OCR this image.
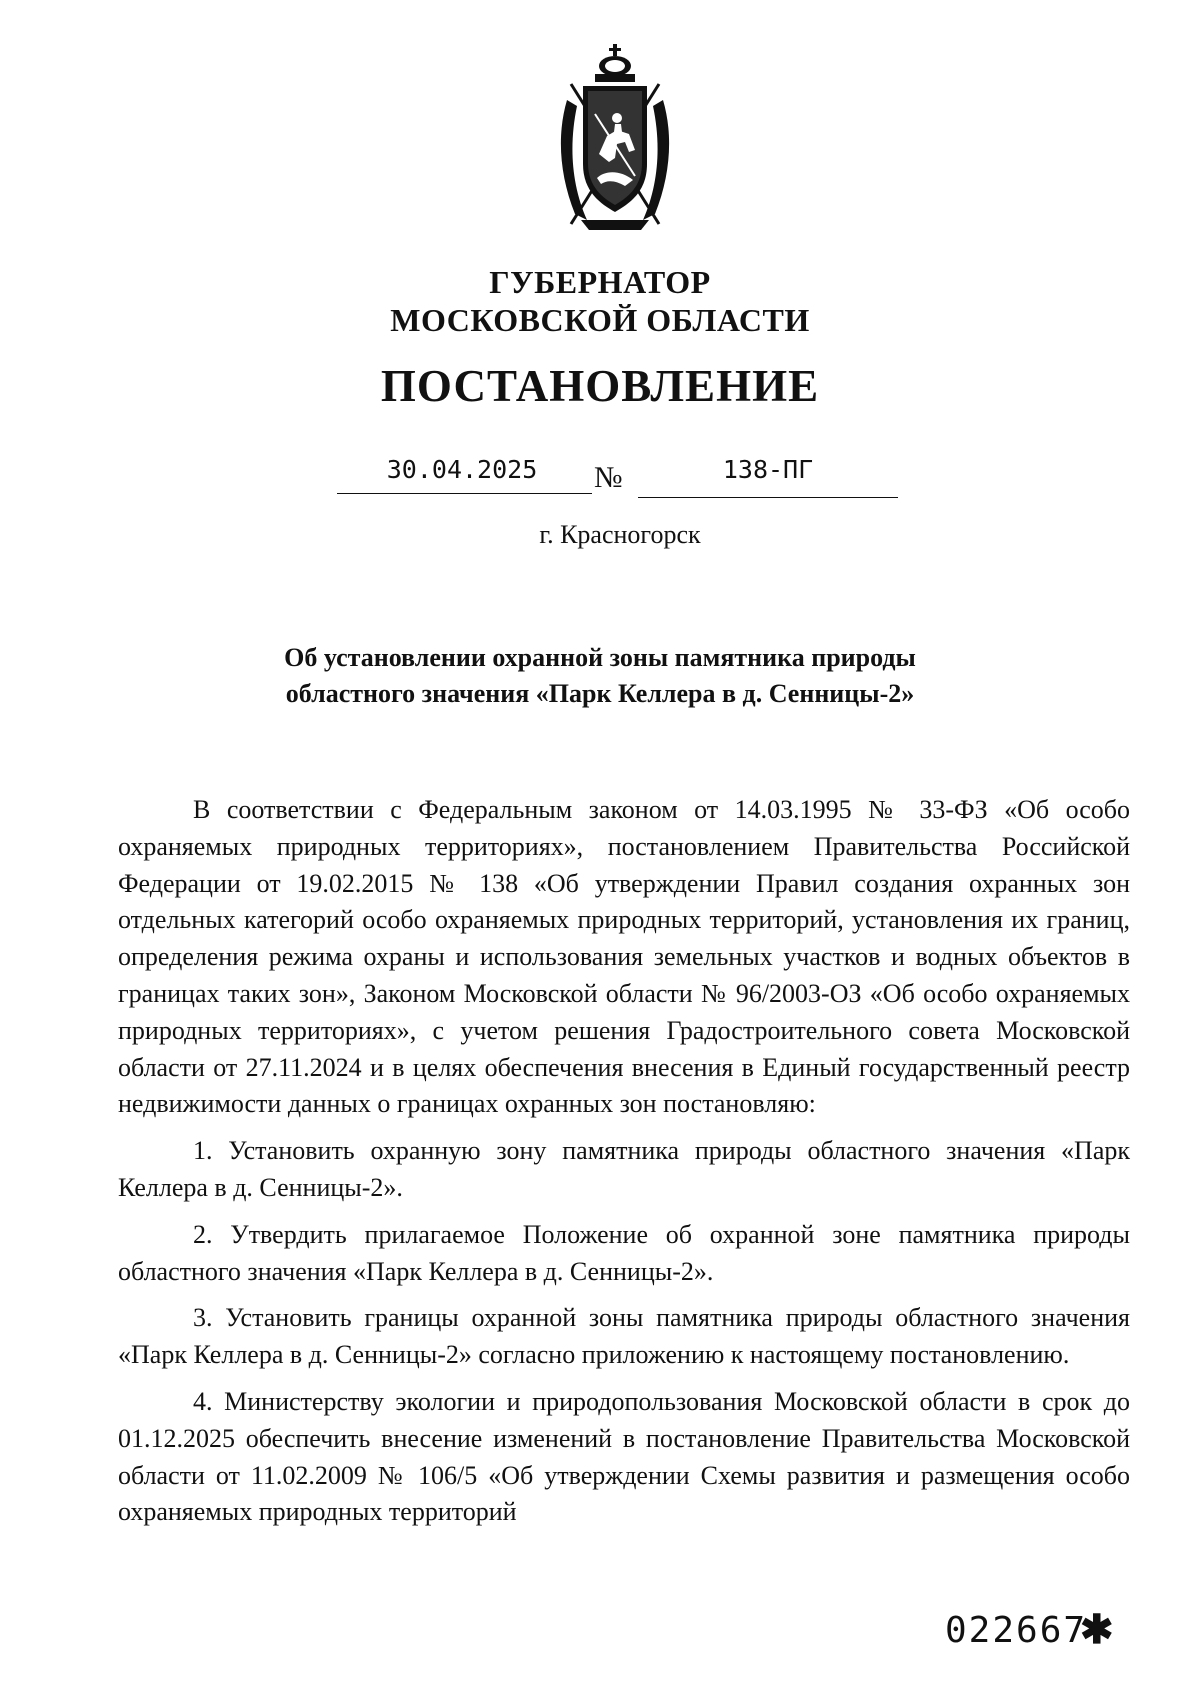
ГУБЕРНАТОР
МОСКОВСКОЙ ОБЛАСТИ
ПОСТАНОВЛЕНИЕ
30.04.2025	№	138-ПГ
г. Красногорск
Об установлении охранной зоны памятника природы
областного значения «Парк Келлера в д. Сенницы-2»

В соответствии с Федеральным законом от 14.03.1995 № 33-ФЗ «Об особо охраняемых природных территориях», постановлением Правительства Российской Федерации от 19.02.2015 № 138 «Об утверждении Правил создания охранных зон отдельных категорий особо охраняемых природных территорий, установления их границ, определения режима охраны и использования земельных участков и водных объектов в границах таких зон», Законом Московской области № 96/2003-ОЗ «Об особо охраняемых природных территориях», с учетом решения Градостроительного совета Московской области от 27.11.2024 и в целях обеспечения внесения в Единый государственный реестр недвижимости данных о границах охранных зон постановляю:

1. Установить охранную зону памятника природы областного значения «Парк Келлера в д. Сенницы-2».

2. Утвердить прилагаемое Положение об охранной зоне памятника природы областного значения «Парк Келлера в д. Сенницы-2».

3. Установить границы охранной зоны памятника природы областного значения «Парк Келлера в д. Сенницы-2» согласно приложению к настоящему постановлению.

4. Министерству экологии и природопользования Московской области в срок до 01.12.2025 обеспечить внесение изменений в постановление Правительства Московской области от 11.02.2009 № 106/5 «Об утверждении Схемы развития и размещения особо охраняемых природных территорий

022667
✱
